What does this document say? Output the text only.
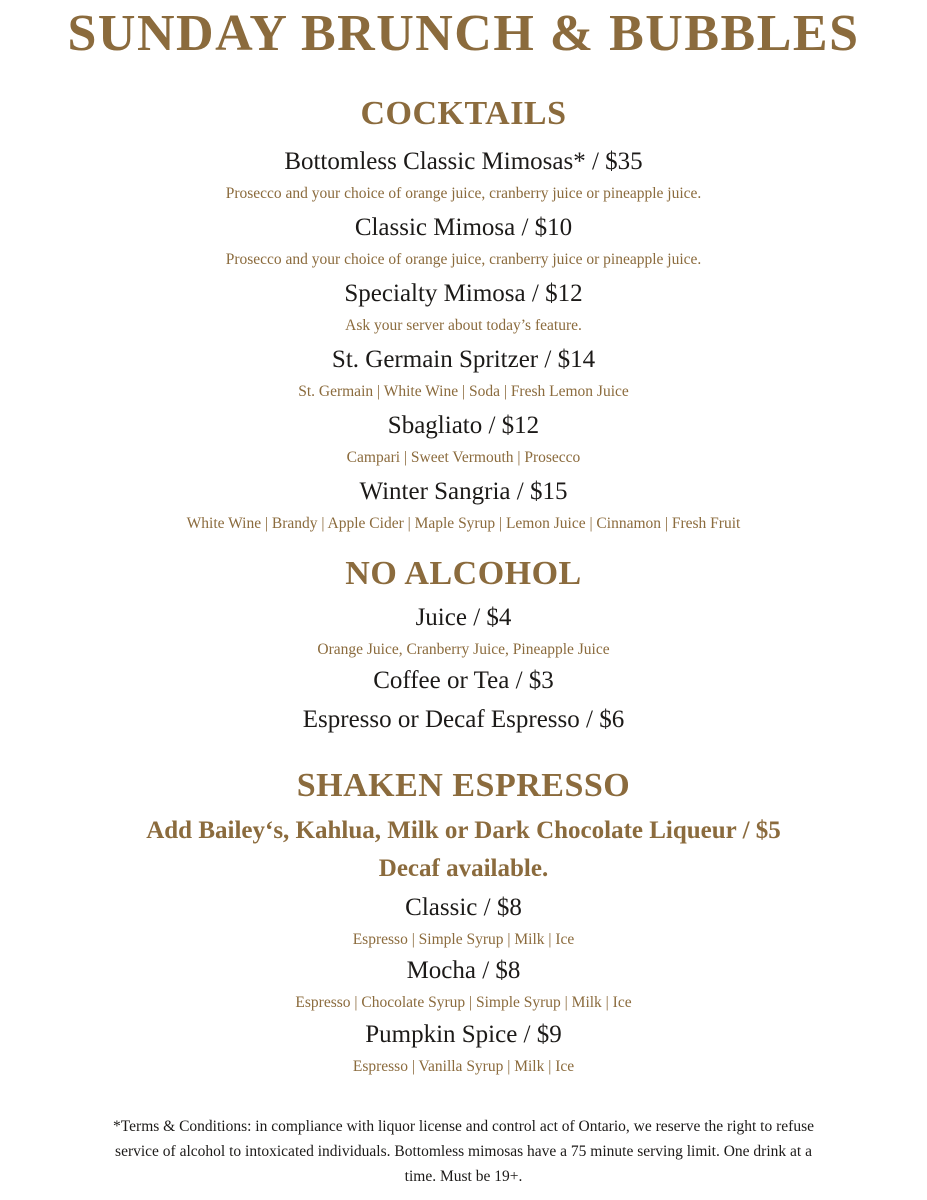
SUNDAY BRUNCH & BUBBLES
COCKTAILS
Bottomless Classic Mimosas* / $35
Prosecco and your choice of orange juice, cranberry juice or pineapple juice.
Classic Mimosa / $10
Prosecco and your choice of orange juice, cranberry juice or pineapple juice.
Specialty Mimosa / $12
Ask your server about today’s feature.
St. Germain Spritzer / $14
St. Germain | White Wine | Soda | Fresh Lemon Juice
Sbagliato / $12
Campari | Sweet Vermouth | Prosecco
Winter Sangria / $15
White Wine | Brandy | Apple Cider | Maple Syrup | Lemon Juice | Cinnamon | Fresh Fruit
NO ALCOHOL
Juice / $4
Orange Juice, Cranberry Juice, Pineapple Juice
Coffee or Tea / $3
Espresso or Decaf Espresso / $6
SHAKEN ESPRESSO
Add Bailey‘s, Kahlua, Milk or Dark Chocolate Liqueur / $5
Decaf available.
Classic / $8
Espresso | Simple Syrup | Milk | Ice
Mocha / $8
Espresso | Chocolate Syrup | Simple Syrup | Milk | Ice
Pumpkin Spice / $9
Espresso | Vanilla Syrup | Milk | Ice
*Terms & Conditions: in compliance with liquor license and control act of Ontario, we reserve the right to refuse service of alcohol to intoxicated individuals. Bottomless mimosas have a 75 minute serving limit. One drink at a time. Must be 19+.
